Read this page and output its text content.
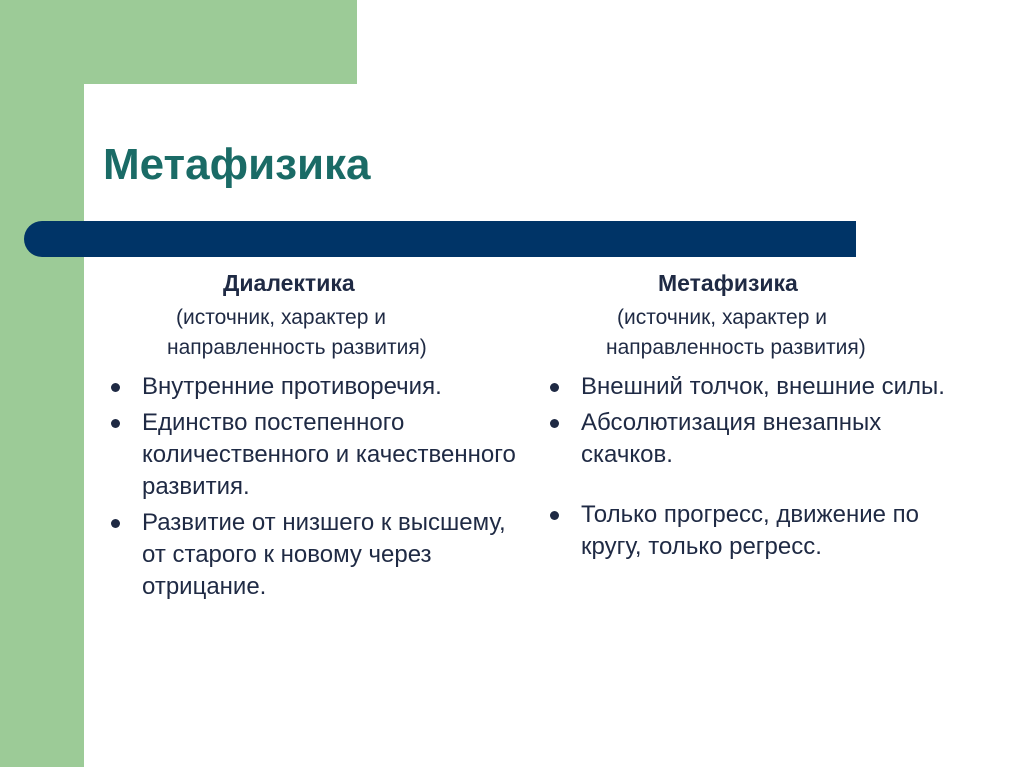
Метафизика
Диалектика
(источник, характер и
направленность развития)
Внутренние противоречия.
Единство постепенного количественного и качественного развития.
Развитие от низшего к высшему, от старого к новому через отрицание.
Метафизика
(источник, характер и
направленность развития)
Внешний толчок, внешние силы.
Абсолютизация внезапных скачков.
Только прогресс, движение по кругу, только регресс.
